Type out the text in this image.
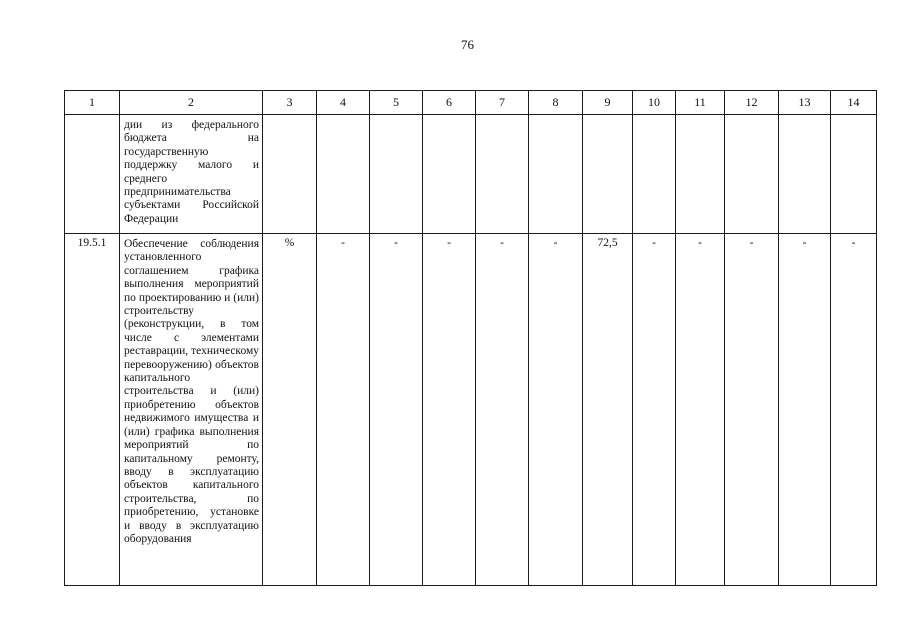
76
1	2	3	4	5	6	7	8	9	10	11	12	13	14
	дии из федерального бюджета на государственную поддержку малого и среднего предпринимательства субъектами Российской Федерации												
19.5.1	Обеспечение соблюдения установленного соглашением графика выполнения мероприятий по проектированию и (или) строительству (реконструкции, в том числе с элементами реставрации, техническому перевооружению) объектов капитального строительства и (или) приобретению объектов недвижимого имущества и (или) графика выполнения мероприятий по капитальному ремонту, вводу в эксплуатацию объектов капитального строительства, по приобретению, установке и вводу в эксплуатацию оборудования	%	-	-	-	-	-	72,5	-	-	-	-	-
